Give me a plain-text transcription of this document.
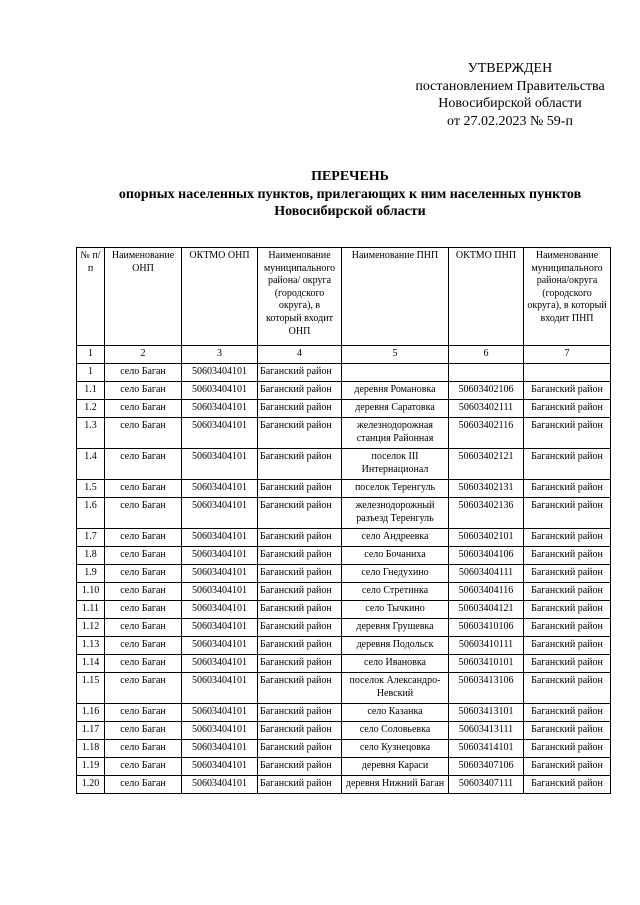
УТВЕРЖДЕН
постановлением Правительства
Новосибирской области
от 27.02.2023 № 59-п
ПЕРЕЧЕНЬ
опорных населенных пунктов, прилегающих к ним населенных пунктов
Новосибирской области
№ п/п	Наименование ОНП	ОКТМО ОНП	Наименование муниципального района/ округа (городского округа), в который входит ОНП	Наименование ПНП	ОКТМО ПНП	Наименование муниципального района/округа (городского округа), в который входит ПНП
1	2	3	4	5	6	7
1	село Баган	50603404101	Баганский район			
1.1	село Баган	50603404101	Баганский район	деревня Романовка	50603402106	Баганский район
1.2	село Баган	50603404101	Баганский район	деревня Саратовка	50603402111	Баганский район
1.3	село Баган	50603404101	Баганский район	железнодорожная станция Районная	50603402116	Баганский район
1.4	село Баган	50603404101	Баганский район	поселок III Интернационал	50603402121	Баганский район
1.5	село Баган	50603404101	Баганский район	поселок Теренгуль	50603402131	Баганский район
1.6	село Баган	50603404101	Баганский район	железнодорожный разъезд Теренгуль	50603402136	Баганский район
1.7	село Баган	50603404101	Баганский район	село Андреевка	50603402101	Баганский район
1.8	село Баган	50603404101	Баганский район	село Бочаниха	50603404106	Баганский район
1.9	село Баган	50603404101	Баганский район	село Гнедухино	50603404111	Баганский район
1.10	село Баган	50603404101	Баганский район	село Стретинка	50603404116	Баганский район
1.11	село Баган	50603404101	Баганский район	село Тычкино	50603404121	Баганский район
1.12	село Баган	50603404101	Баганский район	деревня Грушевка	50603410106	Баганский район
1.13	село Баган	50603404101	Баганский район	деревня Подольск	50603410111	Баганский район
1.14	село Баган	50603404101	Баганский район	село Ивановка	50603410101	Баганский район
1.15	село Баган	50603404101	Баганский район	поселок Александро-Невский	50603413106	Баганский район
1.16	село Баган	50603404101	Баганский район	село Казанка	50603413101	Баганский район
1.17	село Баган	50603404101	Баганский район	село Соловьевка	50603413111	Баганский район
1.18	село Баган	50603404101	Баганский район	село Кузнецовка	50603414101	Баганский район
1.19	село Баган	50603404101	Баганский район	деревня Караси	50603407106	Баганский район
1.20	село Баган	50603404101	Баганский район	деревня Нижний Баган	50603407111	Баганский район
